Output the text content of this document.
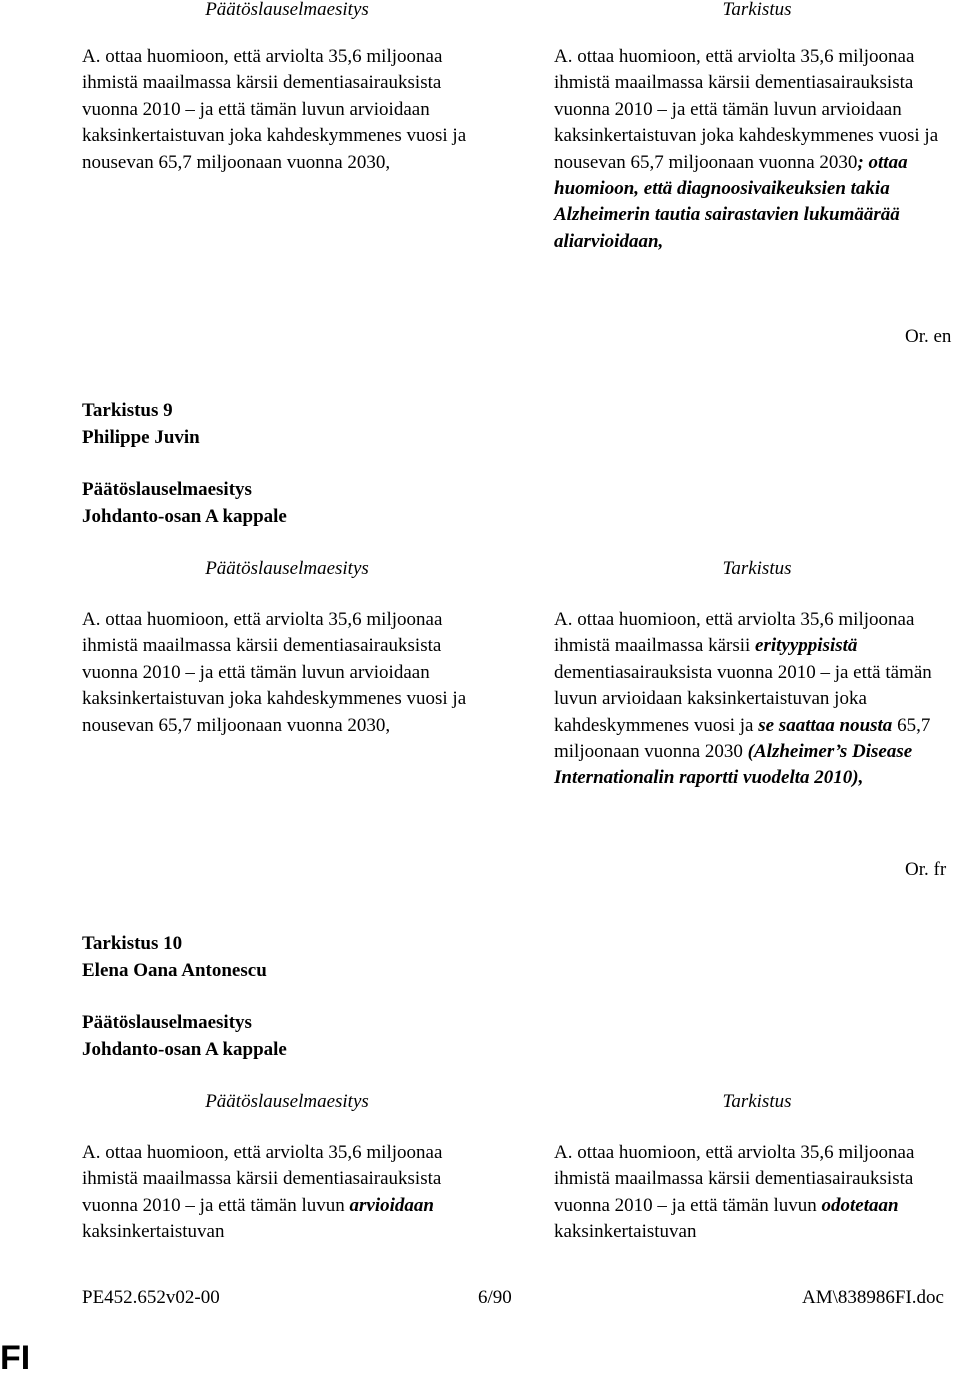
Päätöslauselmaesitys	Tarkistus
A. ottaa huomioon, että arviolta 35,6 miljoonaa ihmistä maailmassa kärsii dementiasairauksista vuonna 2010 – ja että tämän luvun arvioidaan kaksinkertaistuvan joka kahdeskymmenes vuosi ja nousevan 65,7 miljoonaan vuonna 2030,
A. ottaa huomioon, että arviolta 35,6 miljoonaa ihmistä maailmassa kärsii dementiasairauksista vuonna 2010 – ja että tämän luvun arvioidaan kaksinkertaistuvan joka kahdeskymmenes vuosi ja nousevan 65,7 miljoonaan vuonna 2030; ottaa huomioon, että diagnoosivaikeuksien takia Alzheimerin tautia sairastavien lukumäärää aliarvioidaan,
Or. en
Tarkistus 9
Philippe Juvin
Päätöslauselmaesitys
Johdanto-osan A kappale
Päätöslauselmaesitys	Tarkistus
A. ottaa huomioon, että arviolta 35,6 miljoonaa ihmistä maailmassa kärsii dementiasairauksista vuonna 2010 – ja että tämän luvun arvioidaan kaksinkertaistuvan joka kahdeskymmenes vuosi ja nousevan 65,7 miljoonaan vuonna 2030,
A. ottaa huomioon, että arviolta 35,6 miljoonaa ihmistä maailmassa kärsii erityyppisistä dementiasairauksista vuonna 2010 – ja että tämän luvun arvioidaan kaksinkertaistuvan joka kahdeskymmenes vuosi ja se saattaa nousta 65,7 miljoonaan vuonna 2030 (Alzheimer’s Disease Internationalin raportti vuodelta 2010),
Or. fr
Tarkistus 10
Elena Oana Antonescu
Päätöslauselmaesitys
Johdanto-osan A kappale
Päätöslauselmaesitys	Tarkistus
A. ottaa huomioon, että arviolta 35,6 miljoonaa ihmistä maailmassa kärsii dementiasairauksista vuonna 2010 – ja että tämän luvun arvioidaan kaksinkertaistuvan
A. ottaa huomioon, että arviolta 35,6 miljoonaa ihmistä maailmassa kärsii dementiasairauksista vuonna 2010 – ja että tämän luvun odotetaan kaksinkertaistuvan
PE452.652v02-00	6/90	AM\838986FI.doc
FI
